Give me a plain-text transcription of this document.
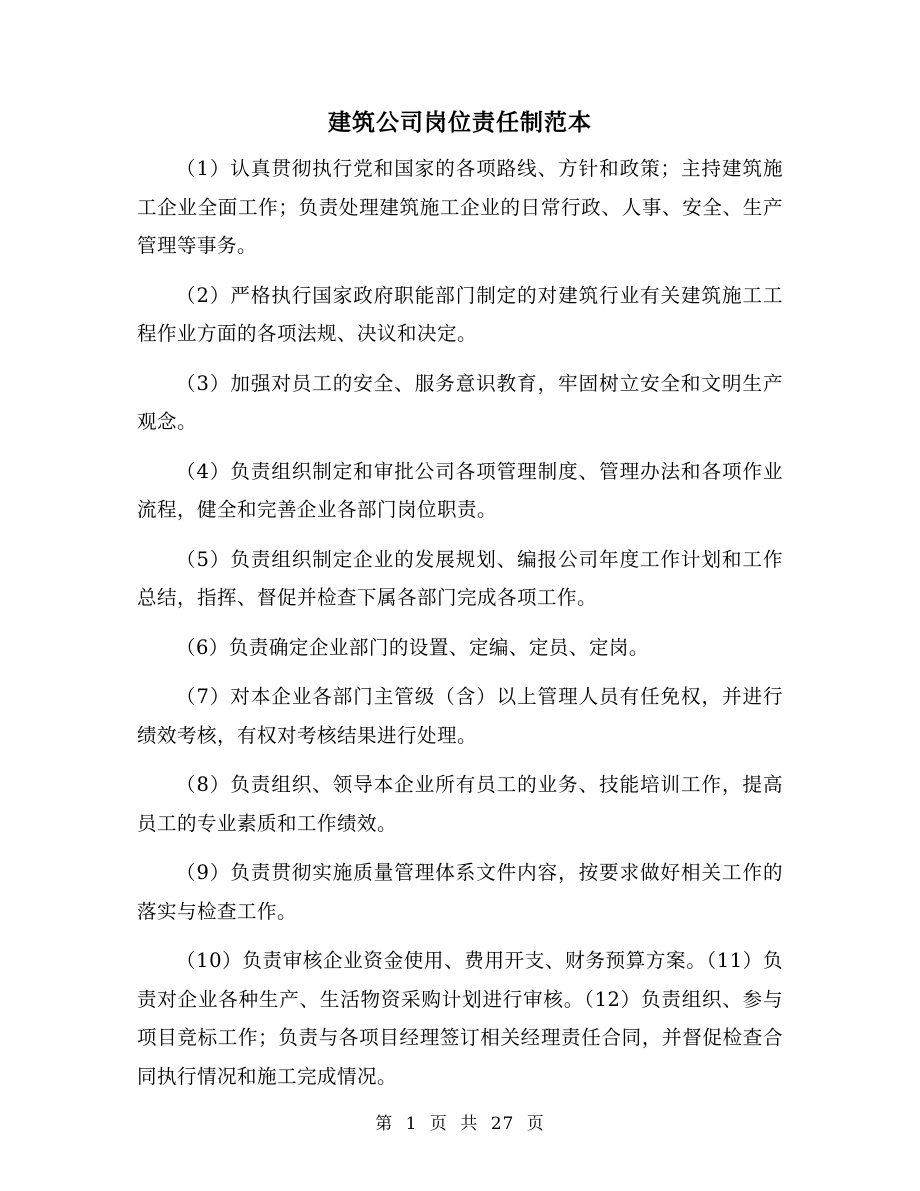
建筑公司岗位责任制范本

（1）认真贯彻执行党和国家的各项路线、方针和政策；主持建筑施工企业全面工作；负责处理建筑施工企业的日常行政、人事、安全、生产管理等事务。

（2）严格执行国家政府职能部门制定的对建筑行业有关建筑施工工程作业方面的各项法规、决议和决定。

（3）加强对员工的安全、服务意识教育，牢固树立安全和文明生产观念。

（4）负责组织制定和审批公司各项管理制度、管理办法和各项作业流程，健全和完善企业各部门岗位职责。

（5）负责组织制定企业的发展规划、编报公司年度工作计划和工作总结，指挥、督促并检查下属各部门完成各项工作。

（6）负责确定企业部门的设置、定编、定员、定岗。

（7）对本企业各部门主管级（含）以上管理人员有任免权，并进行绩效考核，有权对考核结果进行处理。

（8）负责组织、领导本企业所有员工的业务、技能培训工作，提高员工的专业素质和工作绩效。

（9）负责贯彻实施质量管理体系文件内容，按要求做好相关工作的落实与检查工作。

（10）负责审核企业资金使用、费用开支、财务预算方案。（11）负责对企业各种生产、生活物资采购计划进行审核。（12）负责组织、参与项目竞标工作；负责与各项目经理签订相关经理责任合同，并督促检查合同执行情况和施工完成情况。

第 1 页 共 27 页
